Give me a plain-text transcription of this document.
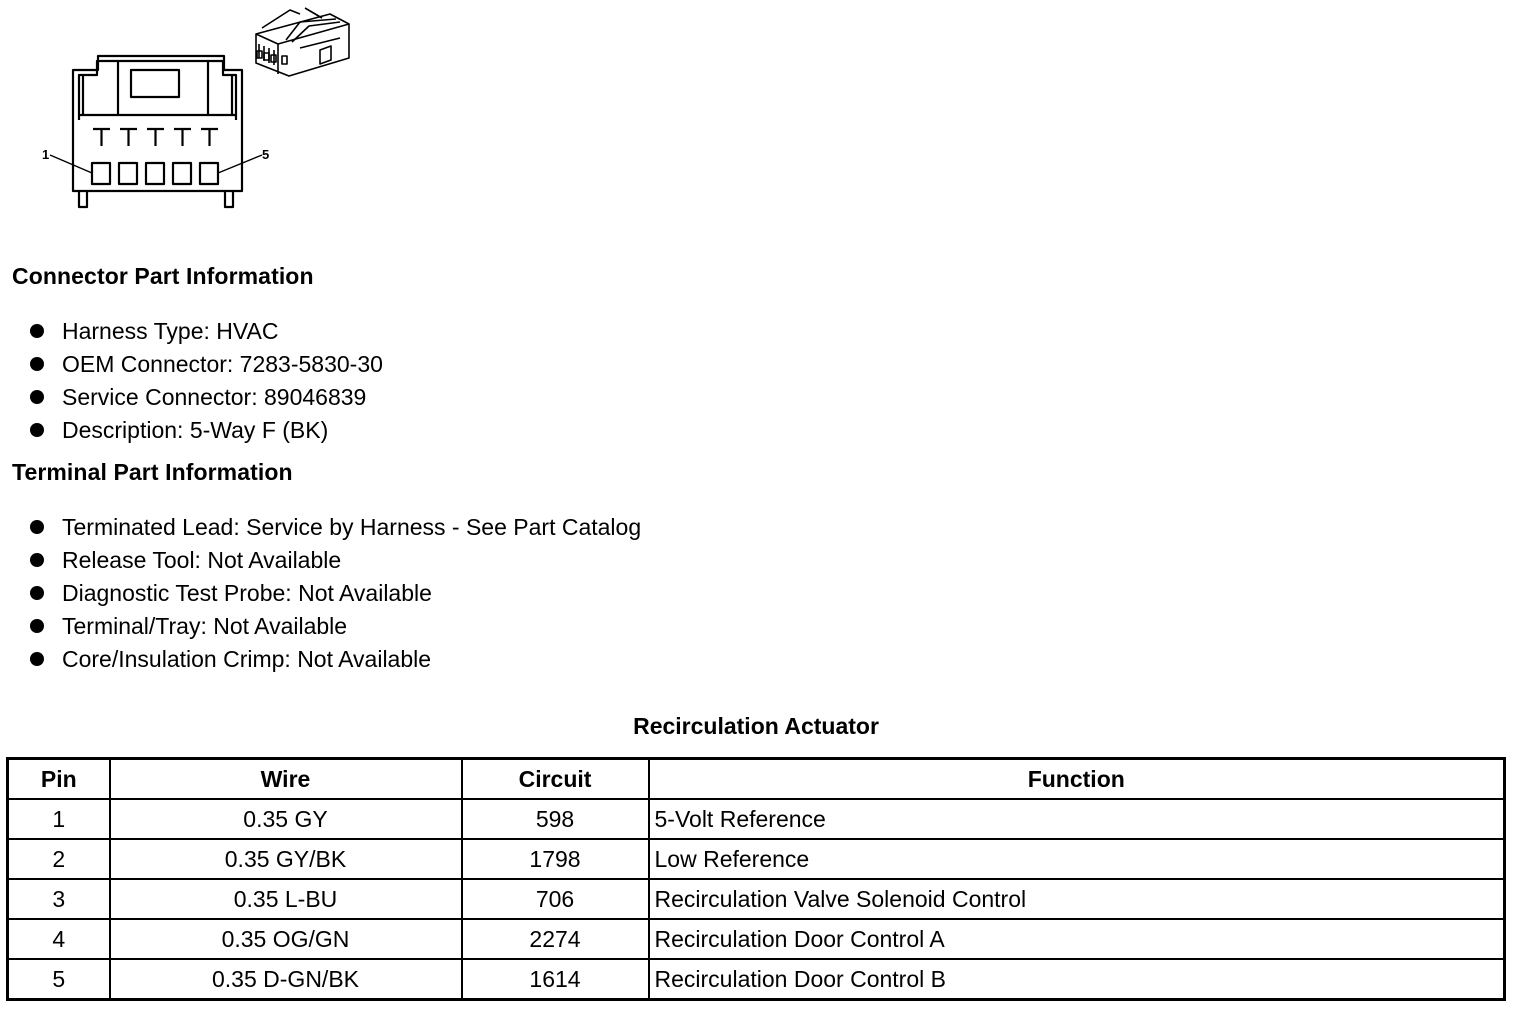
1	5
Connector Part Information
Harness Type: HVAC
OEM Connector: 7283-5830-30
Service Connector: 89046839
Description: 5-Way F (BK)
Terminal Part Information
Terminated Lead: Service by Harness - See Part Catalog
Release Tool: Not Available
Diagnostic Test Probe: Not Available
Terminal/Tray: Not Available
Core/Insulation Crimp: Not Available
Recirculation Actuator
Pin	Wire	Circuit	Function
1	0.35 GY	598	5-Volt Reference
2	0.35 GY/BK	1798	Low Reference
3	0.35 L-BU	706	Recirculation Valve Solenoid Control
4	0.35 OG/GN	2274	Recirculation Door Control A
5	0.35 D-GN/BK	1614	Recirculation Door Control B
